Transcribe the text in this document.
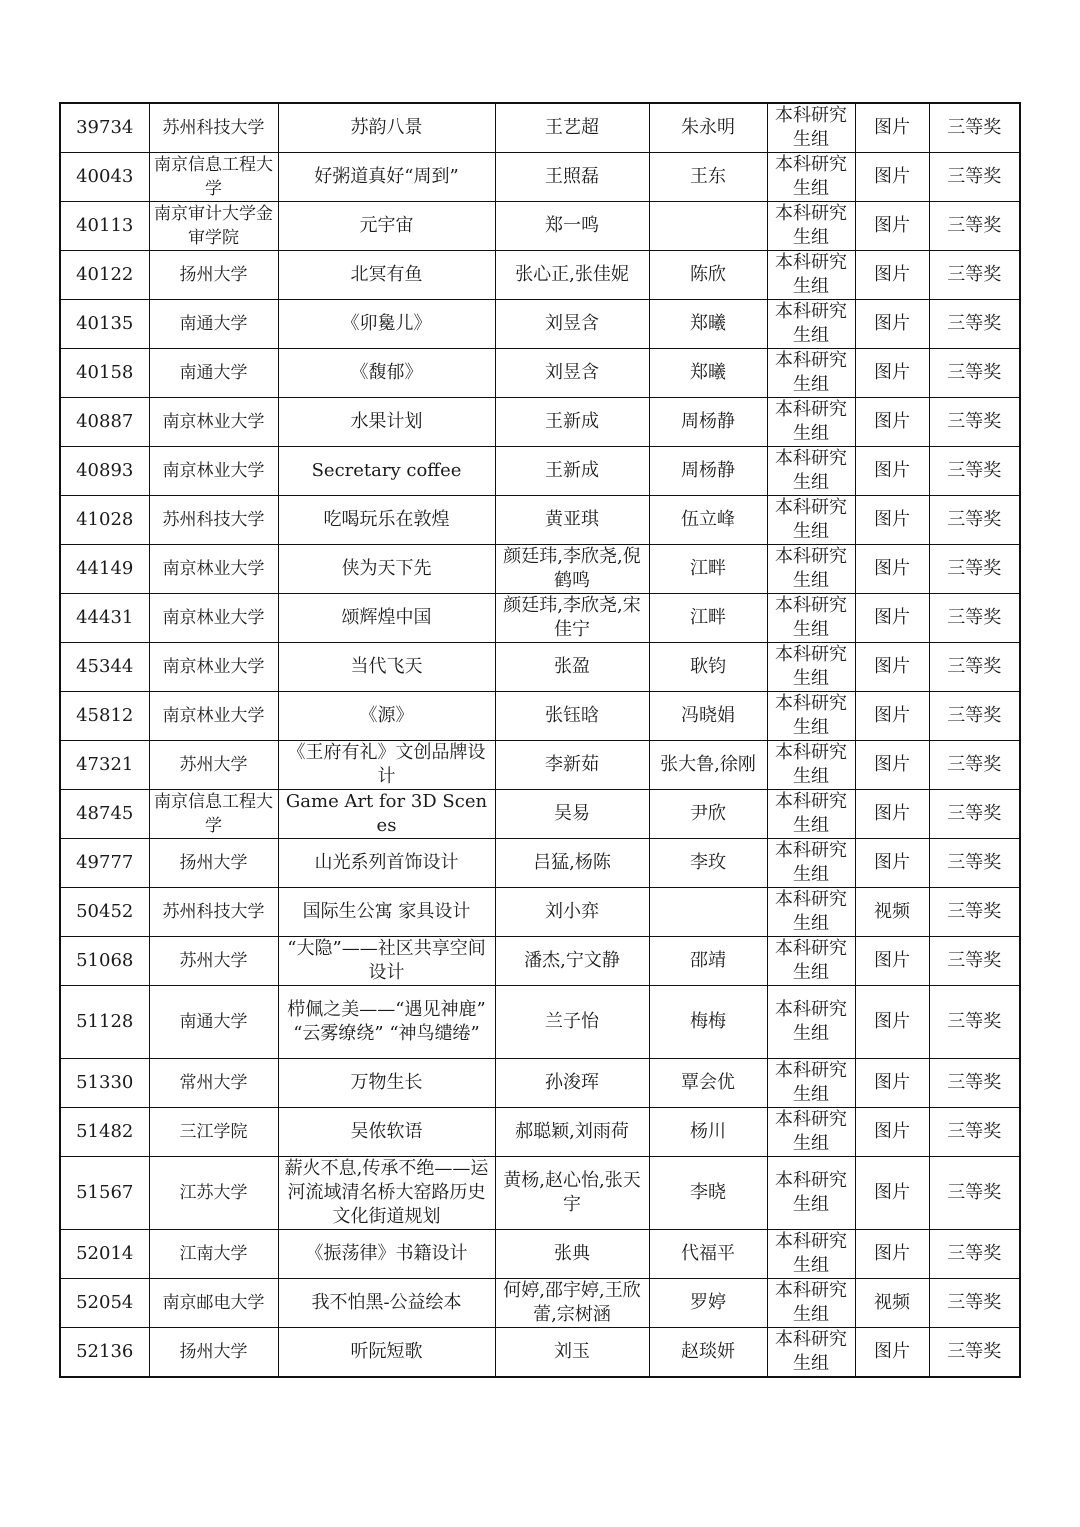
39734	苏州科技大学	苏韵八景	王艺超	朱永明	本科研究生组	图片	三等奖
40043	南京信息工程大学	好粥道真好“周到”	王照磊	王东	本科研究生组	图片	三等奖
40113	南京审计大学金审学院	元宇宙	郑一鸣		本科研究生组	图片	三等奖
40122	扬州大学	北冥有鱼	张心正,张佳妮	陈欣	本科研究生组	图片	三等奖
40135	南通大学	《卯毚儿》	刘昱含	郑曦	本科研究生组	图片	三等奖
40158	南通大学	《馥郁》	刘昱含	郑曦	本科研究生组	图片	三等奖
40887	南京林业大学	水果计划	王新成	周杨静	本科研究生组	图片	三等奖
40893	南京林业大学	Secretary coffee	王新成	周杨静	本科研究生组	图片	三等奖
41028	苏州科技大学	吃喝玩乐在敦煌	黄亚琪	伍立峰	本科研究生组	图片	三等奖
44149	南京林业大学	侠为天下先	颜廷玮,李欣尧,倪鹤鸣	江畔	本科研究生组	图片	三等奖
44431	南京林业大学	颂辉煌中国	颜廷玮,李欣尧,宋佳宁	江畔	本科研究生组	图片	三等奖
45344	南京林业大学	当代飞天	张盈	耿钧	本科研究生组	图片	三等奖
45812	南京林业大学	《源》	张钰晗	冯晓娟	本科研究生组	图片	三等奖
47321	苏州大学	《王府有礼》文创品牌设计	李新茹	张大鲁,徐刚	本科研究生组	图片	三等奖
48745	南京信息工程大学	Game Art for 3D Scenes	吴易	尹欣	本科研究生组	图片	三等奖
49777	扬州大学	山光系列首饰设计	吕猛,杨陈	李玫	本科研究生组	图片	三等奖
50452	苏州科技大学	国际生公寓 家具设计	刘小弈		本科研究生组	视频	三等奖
51068	苏州大学	“大隐”——社区共享空间设计	潘杰,宁文静	邵靖	本科研究生组	图片	三等奖
51128	南通大学	栉佩之美——“遇见神鹿” “云雾缭绕” “神鸟缱绻”	兰子怡	梅梅	本科研究生组	图片	三等奖
51330	常州大学	万物生长	孙浚珲	覃会优	本科研究生组	图片	三等奖
51482	三江学院	吴侬软语	郝聪颖,刘雨荷	杨川	本科研究生组	图片	三等奖
51567	江苏大学	薪火不息,传承不绝——运河流域清名桥大窑路历史文化街道规划	黄杨,赵心怡,张天宇	李晓	本科研究生组	图片	三等奖
52014	江南大学	《振荡律》书籍设计	张典	代福平	本科研究生组	图片	三等奖
52054	南京邮电大学	我不怕黑-公益绘本	何婷,邵宇婷,王欣蕾,宗树涵	罗婷	本科研究生组	视频	三等奖
52136	扬州大学	听阮短歌	刘玉	赵琰妍	本科研究生组	图片	三等奖
